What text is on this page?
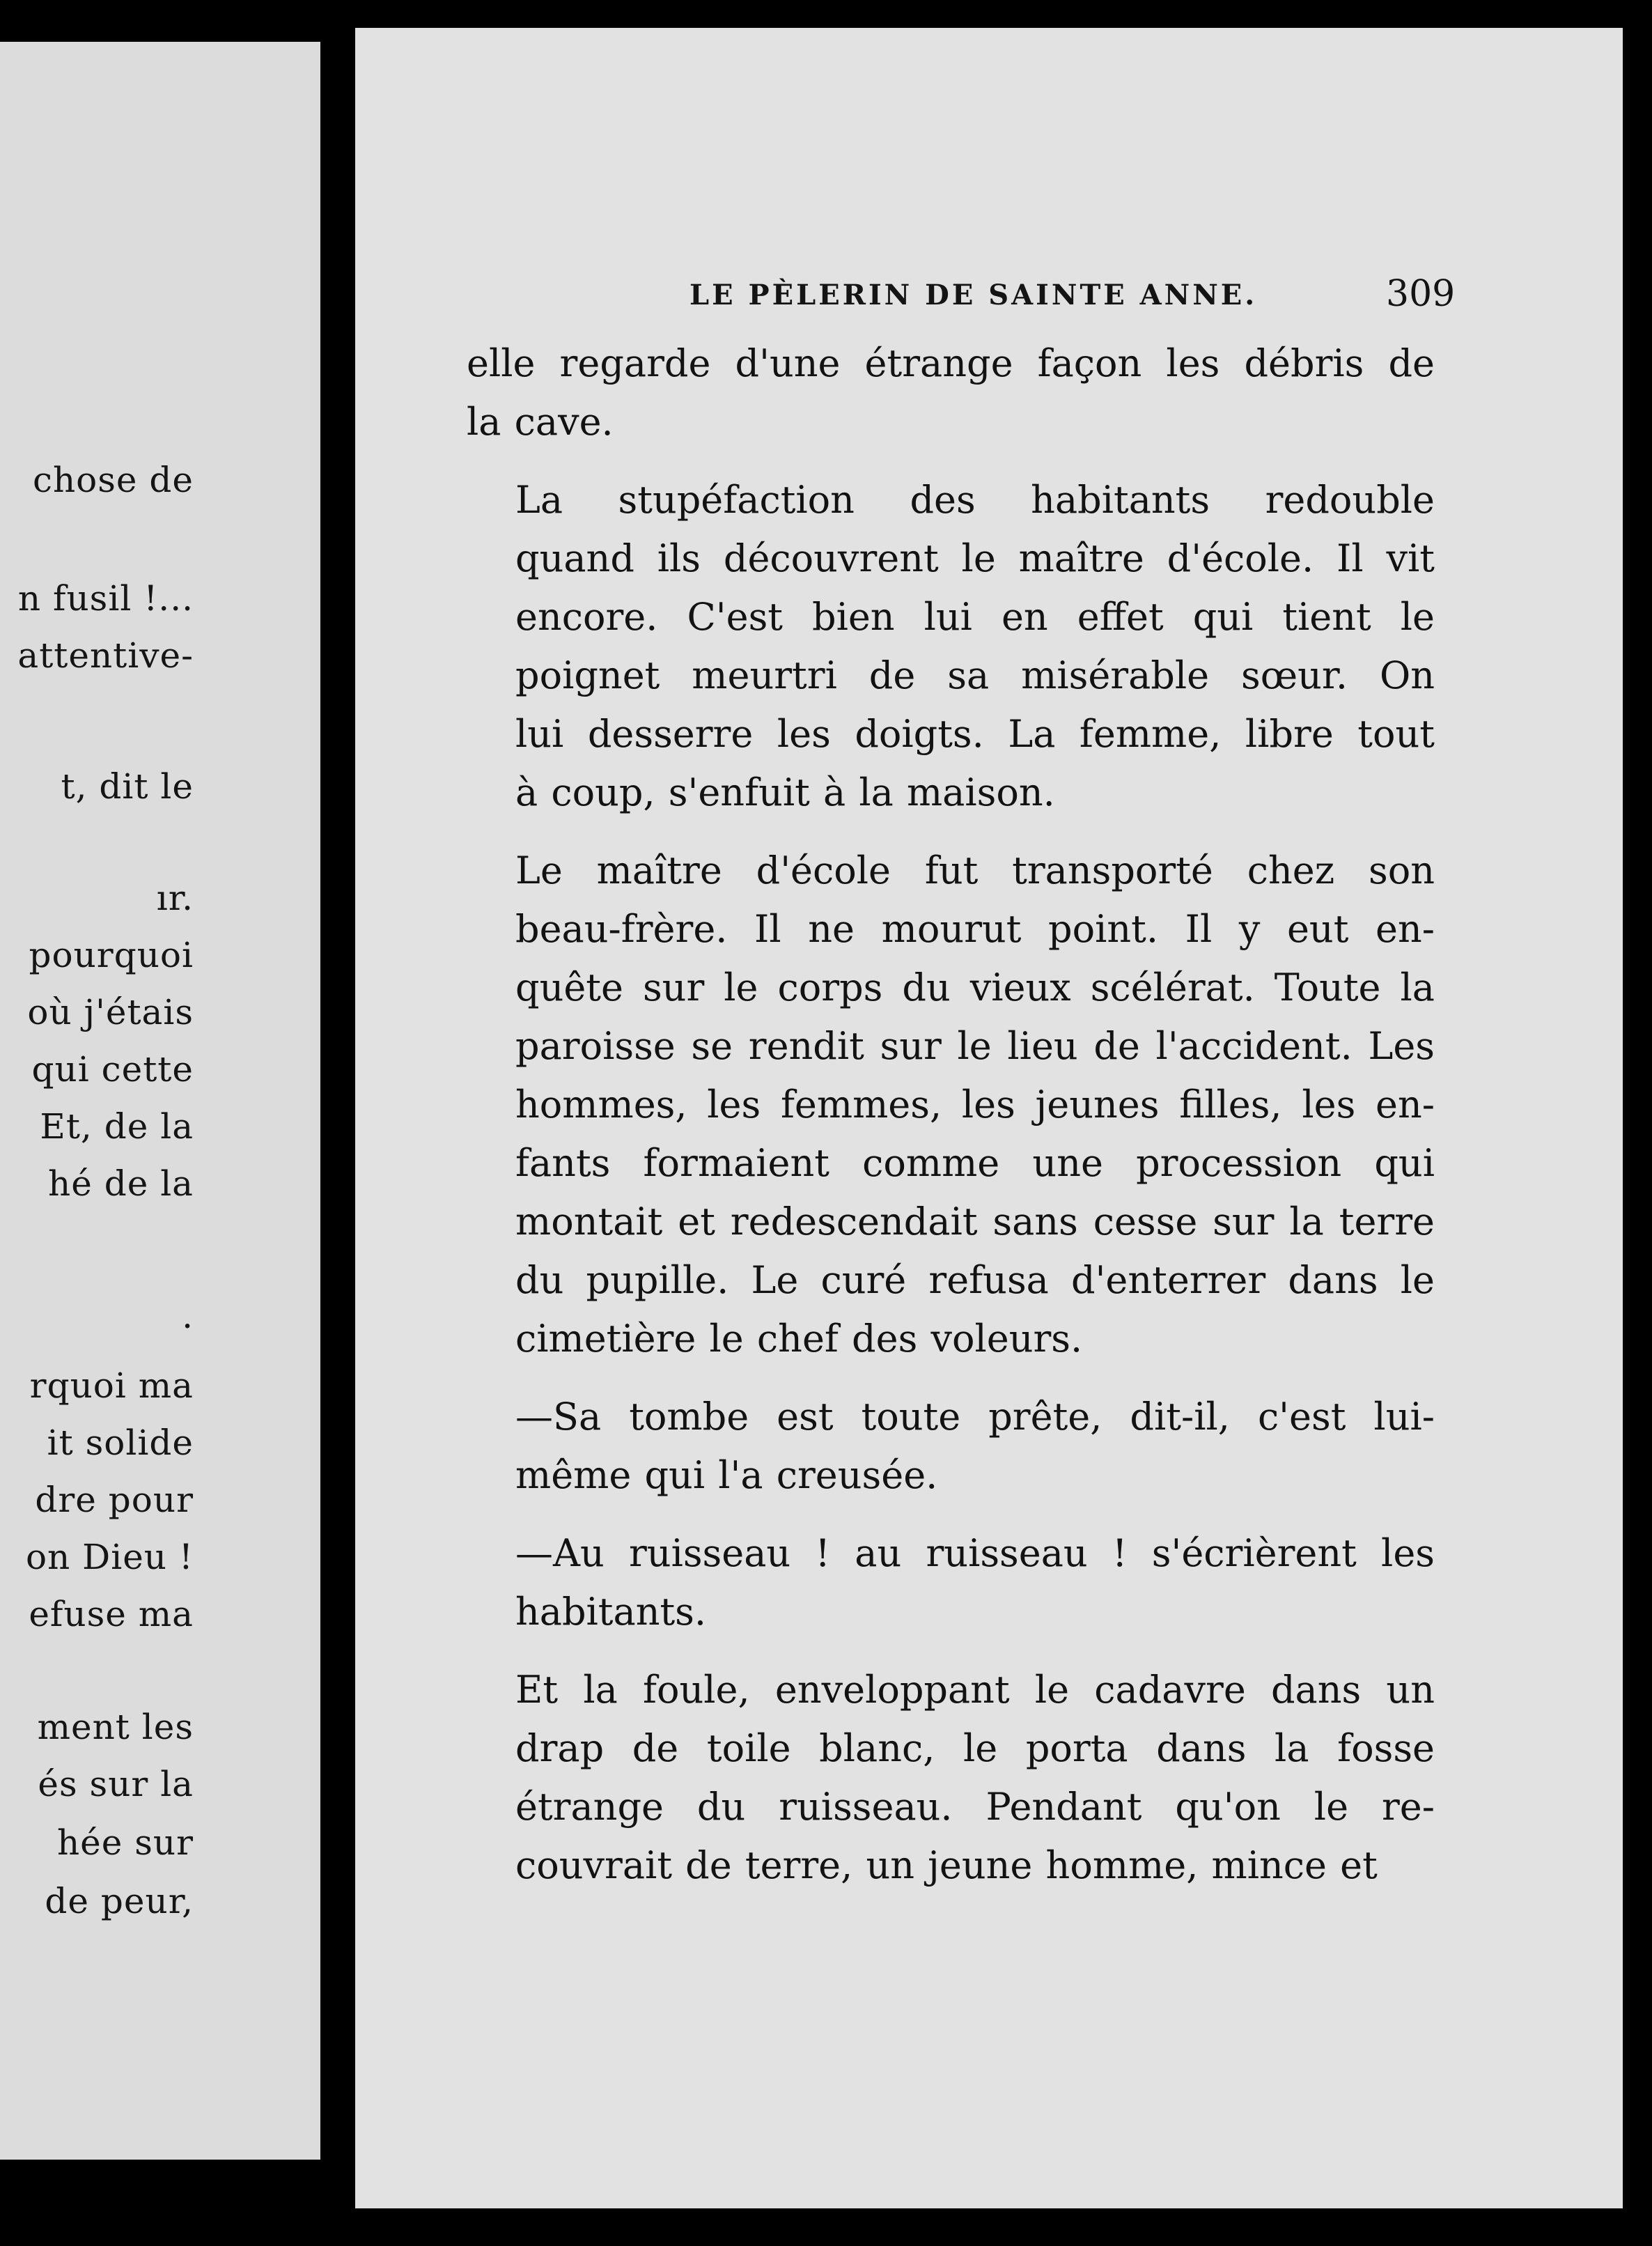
chose de
n fusil !...
attentive-
t, dit le
ır.
pourquoi
où j'étais
qui cette
Et, de la
hé de la
.
rquoi ma
it solide
dre pour
on Dieu !
efuse ma
ment les
és sur la
hée sur
de peur,
LE PÈLERIN DE SAINTE ANNE.	309

elle regarde d'une étrange façon les débris de
la cave.

La stupéfaction des habitants redouble
quand ils découvrent le maître d'école. Il vit
encore. C'est bien lui en effet qui tient le
poignet meurtri de sa misérable sœur. On
lui desserre les doigts. La femme, libre tout
à coup, s'enfuit à la maison.

Le maître d'école fut transporté chez son
beau-frère. Il ne mourut point. Il y eut en-
quête sur le corps du vieux scélérat. Toute la
paroisse se rendit sur le lieu de l'accident. Les
hommes, les femmes, les jeunes filles, les en-
fants formaient comme une procession qui
montait et redescendait sans cesse sur la terre
du pupille. Le curé refusa d'enterrer dans le
cimetière le chef des voleurs.

—Sa tombe est toute prête, dit-il, c'est lui-
même qui l'a creusée.

—Au ruisseau ! au ruisseau ! s'écrièrent les
habitants.

Et la foule, enveloppant le cadavre dans un
drap de toile blanc, le porta dans la fosse
étrange du ruisseau. Pendant qu'on le re-
couvrait de terre, un jeune homme, mince et
